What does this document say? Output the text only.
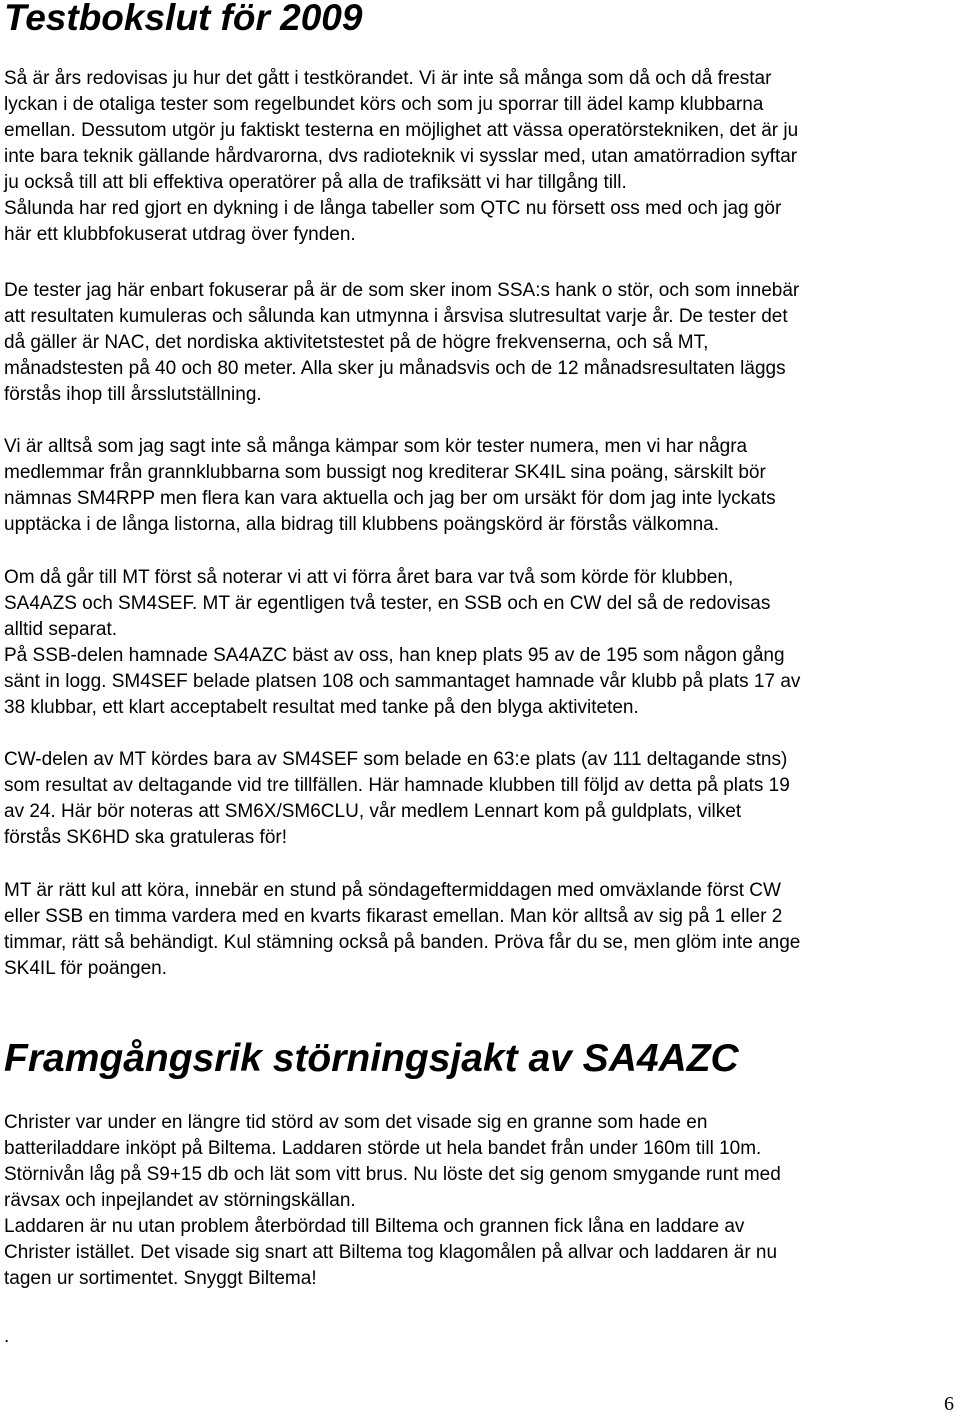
Testbokslut för 2009

Så är års redovisas ju hur det gått i testkörandet. Vi är inte så många som då och då frestar
lyckan i de otaliga tester som regelbundet körs och som ju sporrar till ädel kamp klubbarna
emellan. Dessutom utgör ju faktiskt testerna en möjlighet att vässa operatörstekniken, det är ju
inte bara teknik gällande hårdvarorna, dvs radioteknik vi sysslar med, utan amatörradion syftar
ju också till att bli effektiva operatörer på alla de trafiksätt vi har tillgång till.
Sålunda har red gjort en dykning i de långa tabeller som QTC nu försett oss med och jag gör
här ett klubbfokuserat utdrag över fynden.

De tester jag här enbart fokuserar på är de som sker inom SSA:s hank o stör, och som innebär
att resultaten kumuleras och sålunda kan utmynna i årsvisa slutresultat varje år. De tester det
då gäller är NAC, det nordiska aktivitetstestet på de högre frekvenserna, och så MT,
månadstesten på 40 och 80 meter. Alla sker ju månadsvis och de 12 månadsresultaten läggs
förstås ihop till årsslutställning.

Vi är alltså som jag sagt inte så många kämpar som kör tester numera, men vi har några
medlemmar från grannklubbarna som bussigt nog krediterar SK4IL sina poäng, särskilt bör
nämnas SM4RPP men flera kan vara aktuella och jag ber om ursäkt för dom jag inte lyckats
upptäcka i de långa listorna, alla bidrag till klubbens poängskörd är förstås välkomna.

Om då går till MT först så noterar vi att vi förra året bara var två som körde för klubben,
SA4AZS och SM4SEF. MT är egentligen två tester, en SSB och en CW del så de redovisas
alltid separat.
På SSB-delen hamnade SA4AZC bäst av oss, han knep plats 95 av de 195 som någon gång
sänt in logg. SM4SEF belade platsen 108 och sammantaget hamnade vår klubb på plats 17 av
38 klubbar, ett klart acceptabelt resultat med tanke på den blyga aktiviteten.

CW-delen av MT kördes bara av SM4SEF som belade en 63:e plats (av 111 deltagande stns)
som resultat av deltagande vid tre tillfällen. Här hamnade klubben till följd av detta på plats 19
av 24. Här bör noteras att SM6X/SM6CLU, vår medlem Lennart kom på guldplats, vilket
förstås SK6HD ska gratuleras för!

MT är rätt kul att köra, innebär en stund på söndageftermiddagen med omväxlande först CW
eller SSB en timma vardera med en kvarts fikarast emellan. Man kör alltså av sig på 1 eller 2
timmar, rätt så behändigt. Kul stämning också på banden. Pröva får du se, men glöm inte ange
SK4IL för poängen.

Framgångsrik störningsjakt av SA4AZC

Christer var under en längre tid störd av som det visade sig en granne som hade en
batteriladdare inköpt på Biltema. Laddaren störde ut hela bandet från under 160m till 10m.
Störnivån låg på S9+15 db och lät som vitt brus. Nu löste det sig genom smygande runt med
rävsax och inpejlandet av störningskällan.
Laddaren är nu utan problem återbördad till Biltema och grannen fick låna en laddare av
Christer istället. Det visade sig snart att Biltema tog klagomålen på allvar och laddaren är nu
tagen ur sortimentet. Snyggt Biltema!

.
6
